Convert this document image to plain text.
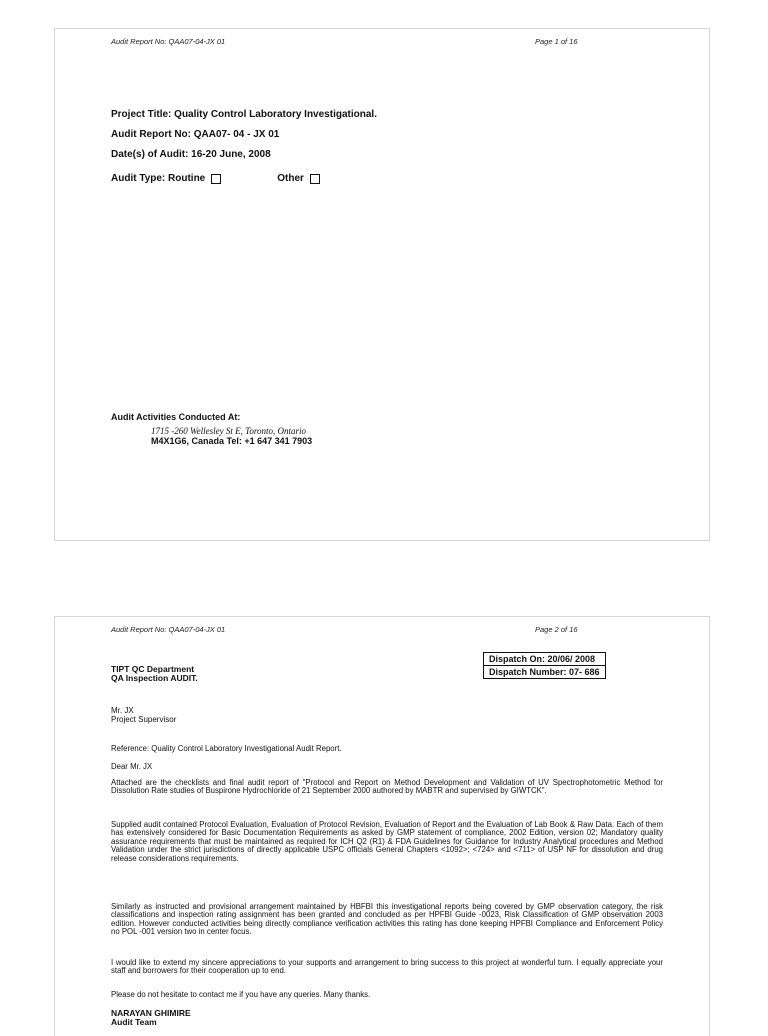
Audit Report No: QAA07-04-JX 01	Page 1 of 16
Project Title: Quality Control Laboratory Investigational.
Audit Report No: QAA07- 04 - JX 01
Date(s) of Audit: 16-20 June, 2008
Audit Type: Routine	Other
Audit Activities Conducted At:
1715 -260 Wellesley St E, Toronto, Ontario
M4X1G6, Canada Tel: +1 647 341 7903
Audit Report No: QAA07-04-JX 01	Page 2 of 16
Dispatch On: 20/06/ 2008
Dispatch Number: 07- 686
TIPT QC Department
QA Inspection AUDIT.
Mr. JX
Project Supervisor
Reference: Quality Control Laboratory Investigational Audit Report.
Dear Mr. JX
Attached are the checklists and final audit report of "Protocol and Report on Method Development and Validation of UV Spectrophotometric Method for Dissolution Rate studies of Buspirone Hydrochloride of 21 September 2000 authored by MABTR and supervised by GIWTCK".
Supplied audit contained Protocol Evaluation, Evaluation of Protocol Revision, Evaluation of Report and the Evaluation of Lab Book & Raw Data. Each of them has extensively considered for Basic Documentation Requirements as asked by GMP statement of compliance, 2002 Edition, version 02; Mandatory quality assurance requirements that must be maintained as required for ICH Q2 (R1) & FDA Guidelines for Guidance for Industry Analytical procedures and Method Validation under the strict jurisdictions of directly applicable USPC officials General Chapters <1092>; <724> and <711> of USP NF for dissolution and drug release considerations requirements.
Similarly as instructed and provisional arrangement maintained by HBFBI this investigational reports being covered by GMP observation category, the risk classifications and inspection rating assignment has been granted and concluded as per HPFBI Guide -0023, Risk Classification of GMP observation 2003 edition. However conducted activities being directly compliance verification activities this rating has done keeping HPFBI Compliance and Enforcement Policy no POL -001 version two in center focus.
I would like to extend my sincere appreciations to your supports and arrangement to bring success to this project at wonderful turn. I equally appreciate your staff and borrowers for their cooperation up to end.
Please do not hesitate to contact me if you have any queries. Many thanks.
NARAYAN GHIMIRE
Audit Team
